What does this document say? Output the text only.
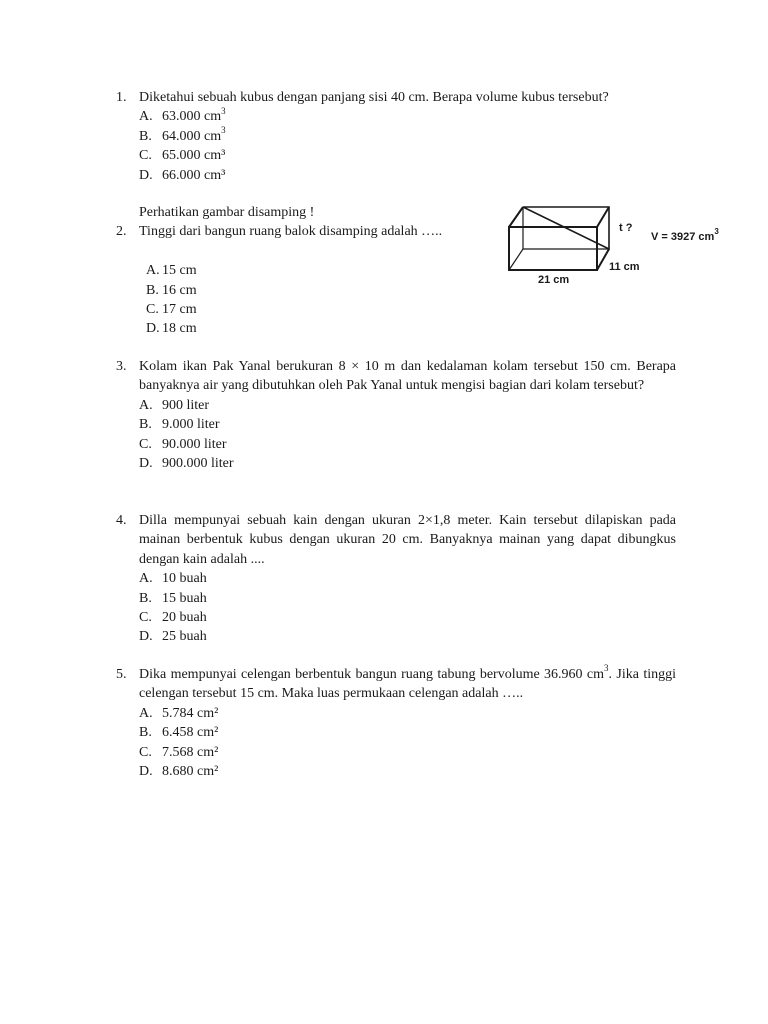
1. Diketahui sebuah kubus dengan panjang sisi 40 cm. Berapa volume kubus tersebut?
A. 63.000 $cm^3$
B. 64.000 $cm^3$
C. 65.000 cm³
D. 66.000 cm³
Perhatikan gambar disamping !
2. Tinggi dari bangun ruang balok disamping adalah …..
A. 15 cm
B. 16 cm
C. 17 cm
D. 18 cm
t ?
V = 3927 $cm^3$
11 cm
21 cm
3. Kolam ikan Pak Yanal berukuran 8 × 10 m dan kedalaman kolam tersebut 150 cm. Berapa banyaknya air yang dibutuhkan oleh Pak Yanal untuk mengisi bagian dari kolam tersebut?
A. 900 liter
B. 9.000 liter
C. 90.000 liter
D. 900.000 liter
4. Dilla mempunyai sebuah kain dengan ukuran 2×1,8 meter. Kain tersebut dilapiskan pada mainan berbentuk kubus dengan ukuran 20 cm. Banyaknya mainan yang dapat dibungkus dengan kain adalah ....
A. 10 buah
B. 15 buah
C. 20 buah
D. 25 buah
5. Dika mempunyai celengan berbentuk bangun ruang tabung bervolume 36.960 $cm^3$. Jika tinggi celengan tersebut 15 cm. Maka luas permukaan celengan adalah …..
A. 5.784 cm²
B. 6.458 cm²
C. 7.568 cm²
D. 8.680 cm²
